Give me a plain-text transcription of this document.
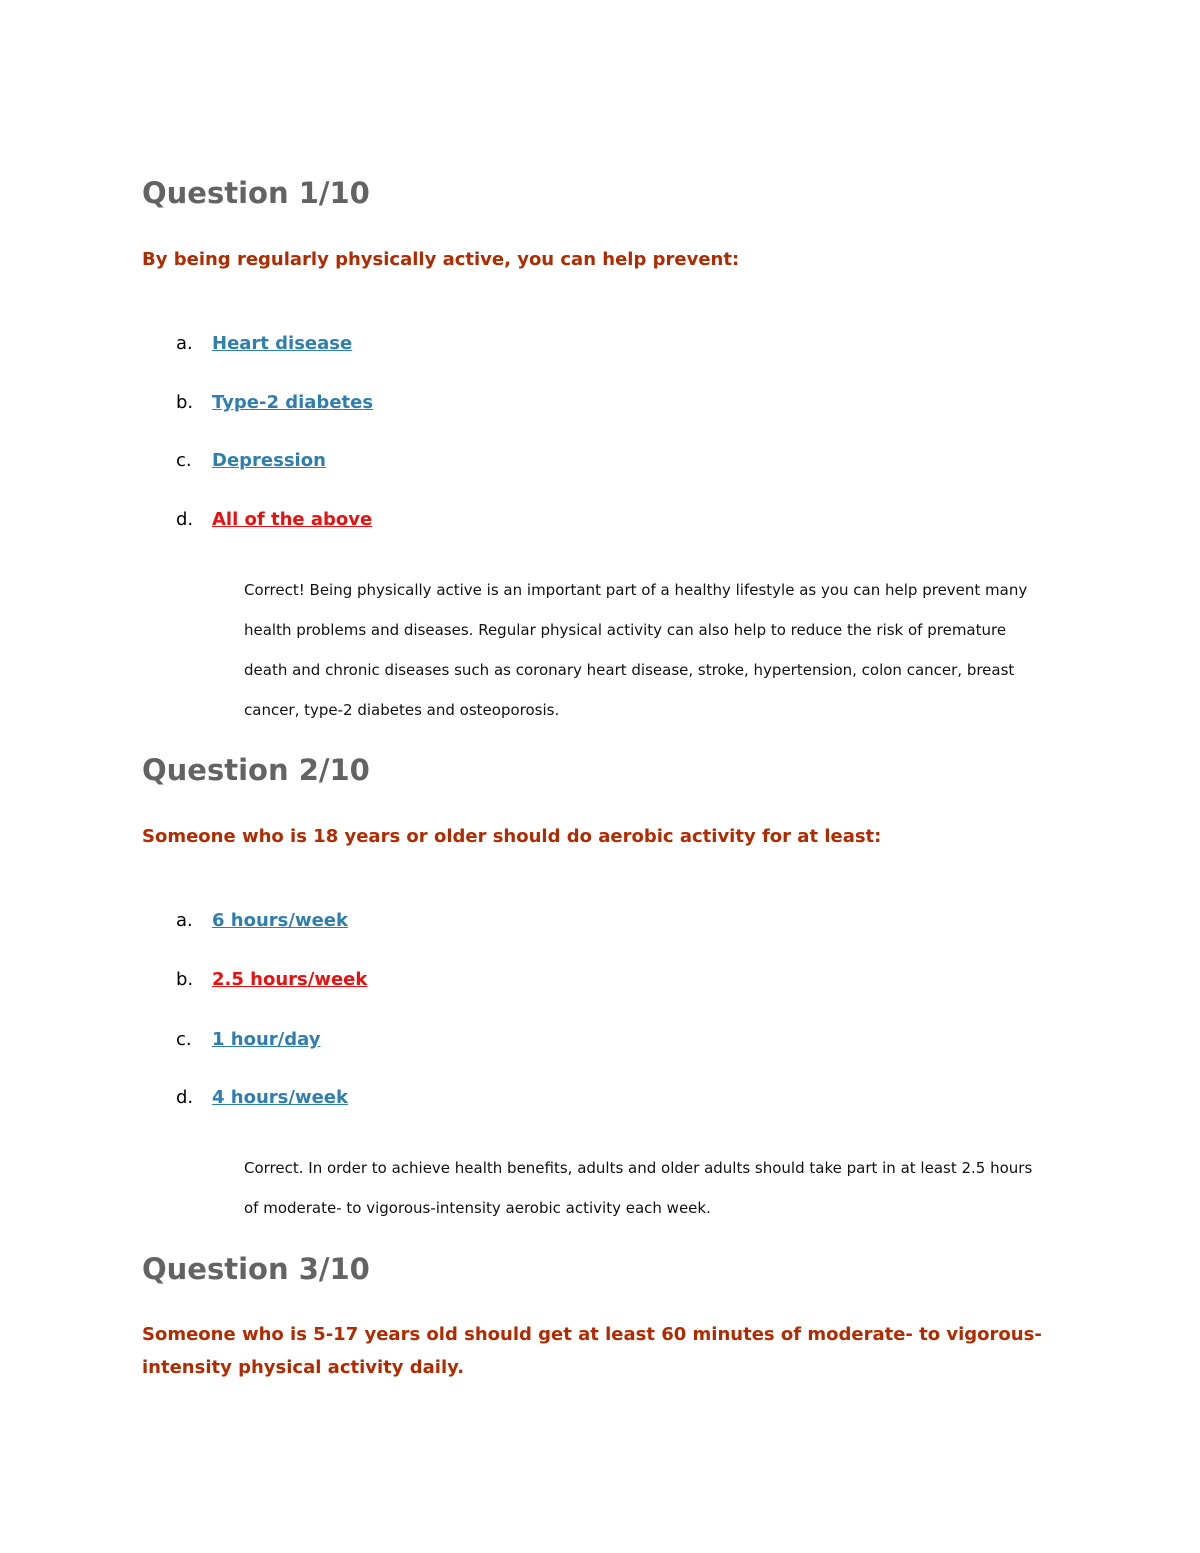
Question 1/10

By being regularly physically active, you can help prevent:

a. Heart disease
b. Type-2 diabetes
c. Depression
d. All of the above

Correct! Being physically active is an important part of a healthy lifestyle as you can help prevent many health problems and diseases. Regular physical activity can also help to reduce the risk of premature death and chronic diseases such as coronary heart disease, stroke, hypertension, colon cancer, breast cancer, type-2 diabetes and osteoporosis.

Question 2/10

Someone who is 18 years or older should do aerobic activity for at least:

a. 6 hours/week
b. 2.5 hours/week
c. 1 hour/day
d. 4 hours/week

Correct. In order to achieve health benefits, adults and older adults should take part in at least 2.5 hours of moderate- to vigorous-intensity aerobic activity each week.

Question 3/10

Someone who is 5-17 years old should get at least 60 minutes of moderate- to vigorous-intensity physical activity daily.
